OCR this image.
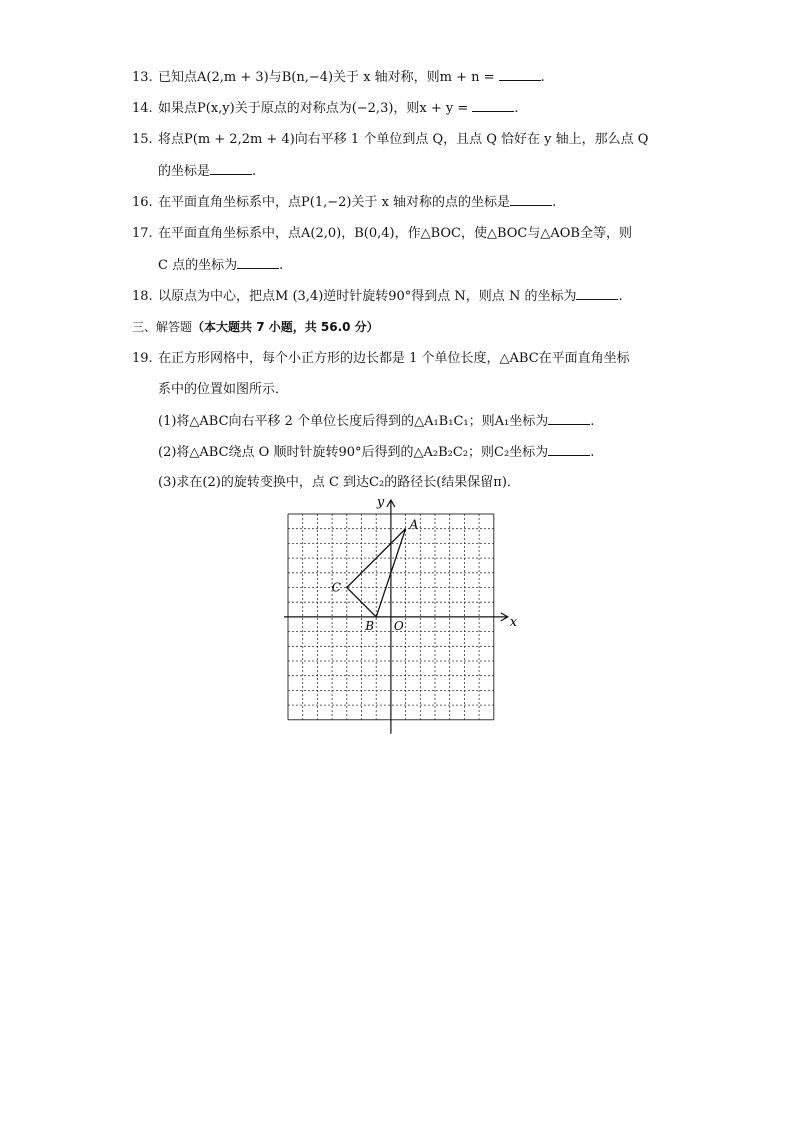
13. 已知点A(2,m + 3)与B(n,−4)关于 x 轴对称，则m + n =	.
14. 如果点P(x,y)关于原点的对称点为(−2,3)，则x + y =	.
15. 将点P(m + 2,2m + 4)向右平移 1 个单位到点 Q，且点 Q 恰好在 y 轴上，那么点 Q
的坐标是	.
16. 在平面直角坐标系中，点P(1,−2)关于 x 轴对称的点的坐标是	.
17. 在平面直角坐标系中，点A(2,0)，B(0,4)，作△BOC，使△BOC与△AOB全等，则
C 点的坐标为	.
18. 以原点为中心，把点M (3,4)逆时针旋转90°得到点 N，则点 N 的坐标为	.
三、解答题（本大题共 7 小题，共 56.0 分）
19. 在正方形网格中，每个小正方形的边长都是 1 个单位长度，△ABC在平面直角坐标
系中的位置如图所示．
(1)将△ABC向右平移 2 个单位长度后得到的△A₁B₁C₁；则A₁坐标为	.
(2)将△ABC绕点 O 顺时针旋转90°后得到的△A₂B₂C₂；则C₂坐标为	.
(3)求在(2)的旋转变换中，点 C 到达C₂的路径长(结果保留π)．
x
y
A
B
C
O
